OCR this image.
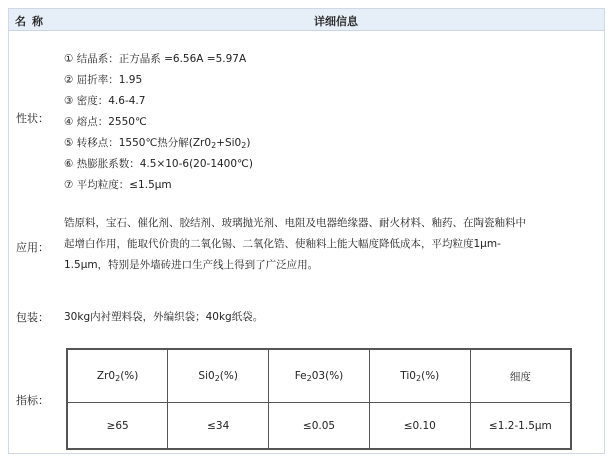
名称	详细信息
性状：
① 结晶系：正方晶系 =6.56A =5.97A
② 屈折率：1.95
③ 密度：4.6-4.7
④ 熔点：2550℃
⑤ 转移点：1550℃热分解$(Zr0_2+Si0_2)$
⑥ 热膨胀系数：4.5×10-6(20-1400℃)
⑦ 平均粒度：≤1.5μm
应用：
锆原料，宝石、催化剂、胶结剂、玻璃抛光剂、电阻及电器绝缘器、耐火材料、釉药、在陶瓷釉料中
起增白作用，能取代价贵的二氧化锡、二氧化锆、使釉料上能大幅度降低成本，平均粒度1μm-
1.5μm，特别是外墙砖进口生产线上得到了广泛应用。
包装： 30kg内衬塑料袋，外编织袋；40kg纸袋。
指标：
$Zr0_2(\%)$	$Si0_2(\%)$	$Fe_203(\%)$	$Ti0_2(\%)$	细度
≥65	≤34	≤0.05	≤0.10	≤1.2-1.5μm
